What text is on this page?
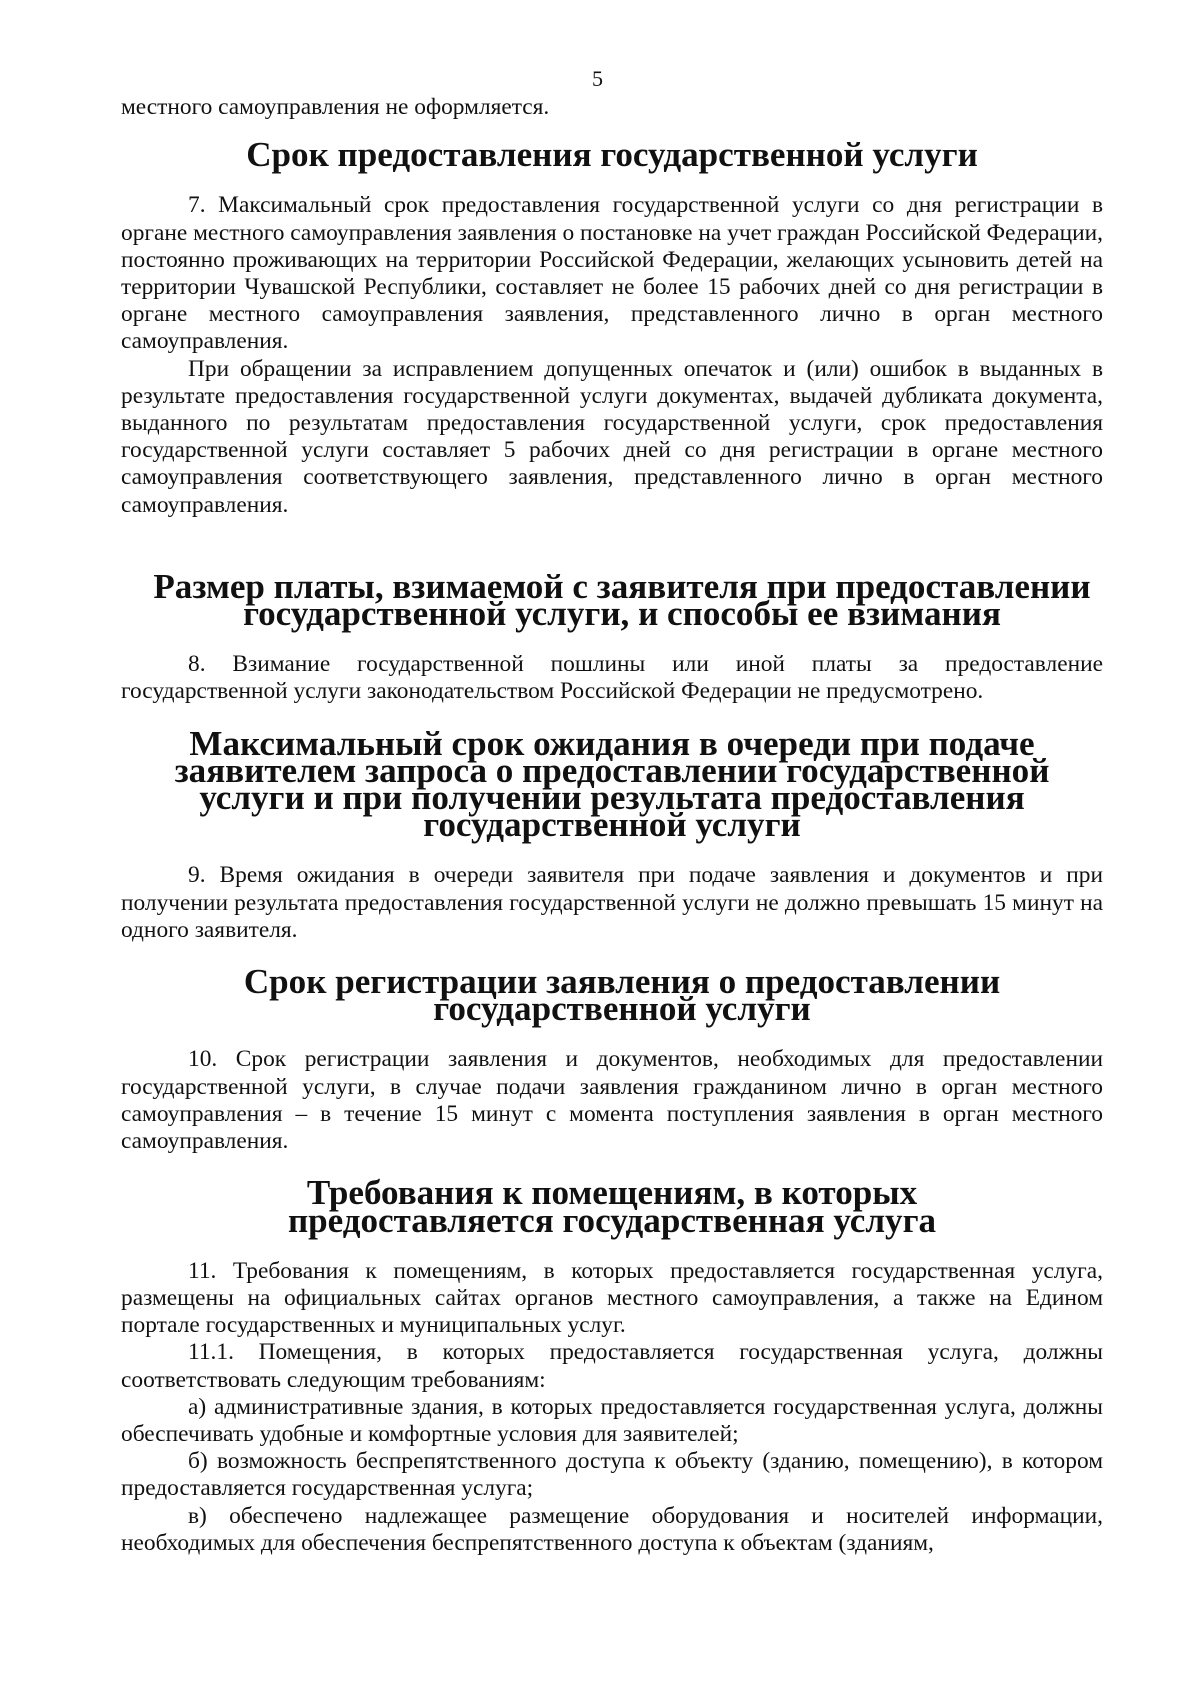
5

местного самоуправления не оформляется.

Срок предоставления государственной услуги

7. Максимальный срок предоставления государственной услуги со дня регистрации в органе местного самоуправления заявления о постановке на учет граждан Российской Федерации, постоянно проживающих на территории Российской Федерации, желающих усыновить детей на территории Чувашской Республики, составляет не более 15 рабочих дней со дня регистрации в органе местного самоуправления заявления, представленного лично в орган местного самоуправления.

При обращении за исправлением допущенных опечаток и (или) ошибок в выданных в результате предоставления государственной услуги документах, выдачей дубликата документа, выданного по результатам предоставления государственной услуги, срок предоставления государственной услуги составляет 5 рабочих дней со дня регистрации в органе местного самоуправления соответствующего заявления, представленного лично в орган местного самоуправления.

Размер платы, взимаемой с заявителя при предоставлении государственной услуги, и способы ее взимания

8. Взимание государственной пошлины или иной платы за предоставление государственной услуги законодательством Российской Федерации не предусмотрено.

Максимальный срок ожидания в очереди при подаче заявителем запроса о предоставлении государственной услуги и при получении результата предоставления государственной услуги

9. Время ожидания в очереди заявителя при подаче заявления и документов и при получении результата предоставления государственной услуги не должно превышать 15 минут на одного заявителя.

Срок регистрации заявления о предоставлении государственной услуги

10. Срок регистрации заявления и документов, необходимых для предоставлении государственной услуги, в случае подачи заявления гражданином лично в орган местного самоуправления – в течение 15 минут с момента поступления заявления в орган местного самоуправления.

Требования к помещениям, в которых предоставляется государственная услуга

11. Требования к помещениям, в которых предоставляется государственная услуга, размещены на официальных сайтах органов местного самоуправления, а также на Едином портале государственных и муниципальных услуг.

11.1. Помещения, в которых предоставляется государственная услуга, должны соответствовать следующим требованиям:

а) административные здания, в которых предоставляется государственная услуга, должны обеспечивать удобные и комфортные условия для заявителей;

б) возможность беспрепятственного доступа к объекту (зданию, помещению), в котором предоставляется государственная услуга;

в) обеспечено надлежащее размещение оборудования и носителей информации, необходимых для обеспечения беспрепятственного доступа к объектам (зданиям,
